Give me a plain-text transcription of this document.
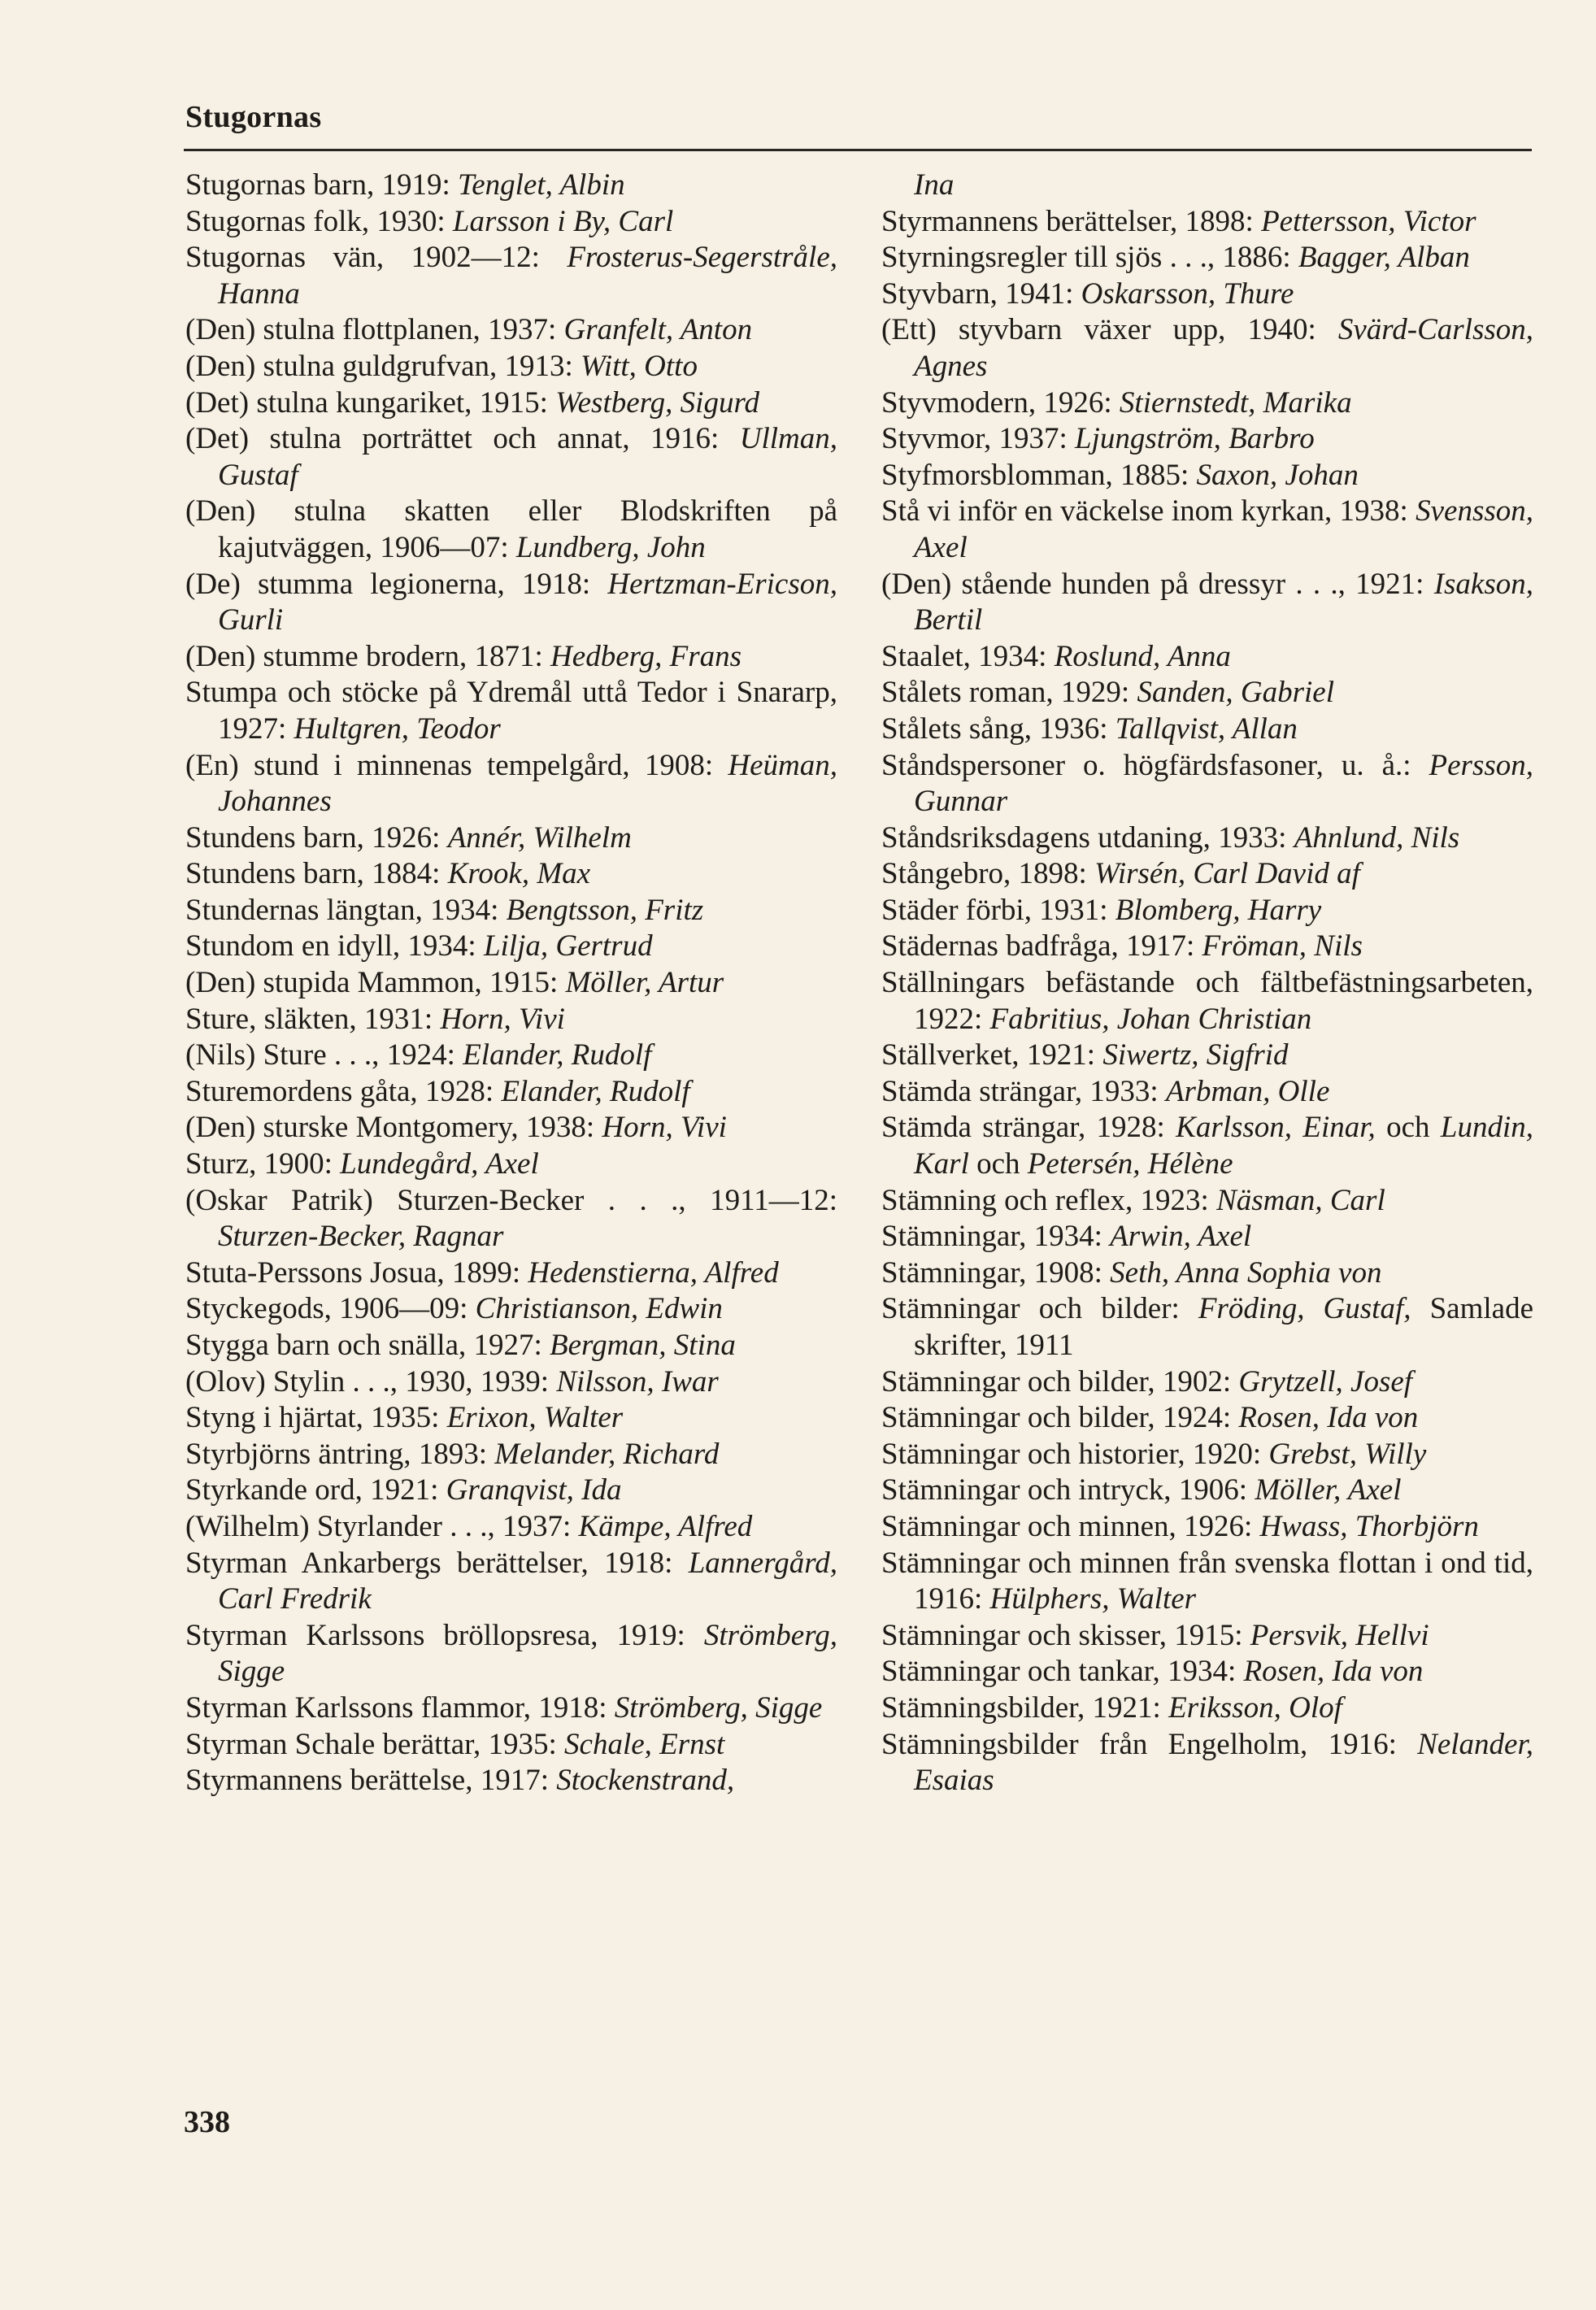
Stugornas

Stugornas barn, 1919: Tenglet, Albin

Stugornas folk, 1930: Larsson i By, Carl

Stugornas vän, 1902—12: Frosterus-Segerstråle, Hanna

(Den) stulna flottplanen, 1937: Granfelt, Anton

(Den) stulna guldgrufvan, 1913: Witt, Otto

(Det) stulna kungariket, 1915: Westberg, Sigurd

(Det) stulna porträttet och annat, 1916: Ullman, Gustaf

(Den) stulna skatten eller Blodskriften på kajutväggen, 1906—07: Lundberg, John

(De) stumma legionerna, 1918: Hertzman-Ericson, Gurli

(Den) stumme brodern, 1871: Hedberg, Frans

Stumpa och stöcke på Ydremål uttå Tedor i Snararp, 1927: Hultgren, Teodor

(En) stund i minnenas tempelgård, 1908: Heüman, Johannes

Stundens barn, 1926: Annér, Wilhelm

Stundens barn, 1884: Krook, Max

Stundernas längtan, 1934: Bengtsson, Fritz

Stundom en idyll, 1934: Lilja, Gertrud

(Den) stupida Mammon, 1915: Möller, Artur

Sture, släkten, 1931: Horn, Vivi

(Nils) Sture . . ., 1924: Elander, Rudolf

Sturemordens gåta, 1928: Elander, Rudolf

(Den) sturske Montgomery, 1938: Horn, Vivi

Sturz, 1900: Lundegård, Axel

(Oskar Patrik) Sturzen-Becker . . ., 1911—12: Sturzen-Becker, Ragnar

Stuta-Perssons Josua, 1899: Hedenstierna, Alfred

Styckegods, 1906—09: Christianson, Edwin

Stygga barn och snälla, 1927: Bergman, Stina

(Olov) Stylin . . ., 1930, 1939: Nilsson, Iwar

Styng i hjärtat, 1935: Erixon, Walter

Styrbjörns äntring, 1893: Melander, Richard

Styrkande ord, 1921: Granqvist, Ida

(Wilhelm) Styrlander . . ., 1937: Kämpe, Alfred

Styrman Ankarbergs berättelser, 1918: Lannergård, Carl Fredrik

Styrman Karlssons bröllopsresa, 1919: Strömberg, Sigge

Styrman Karlssons flammor, 1918: Strömberg, Sigge

Styrman Schale berättar, 1935: Schale, Ernst

Styrmannens berättelse, 1917: Stockenstrand,

Ina

Styrmannens berättelser, 1898: Pettersson, Victor

Styrningsregler till sjös . . ., 1886: Bagger, Alban

Styvbarn, 1941: Oskarsson, Thure

(Ett) styvbarn växer upp, 1940: Svärd-Carlsson, Agnes

Styvmodern, 1926: Stiernstedt, Marika

Styvmor, 1937: Ljungström, Barbro

Styfmorsblomman, 1885: Saxon, Johan

Stå vi inför en väckelse inom kyrkan, 1938: Svensson, Axel

(Den) stående hunden på dressyr . . ., 1921: Isakson, Bertil

Staalet, 1934: Roslund, Anna

Stålets roman, 1929: Sanden, Gabriel

Stålets sång, 1936: Tallqvist, Allan

Ståndspersoner o. högfärdsfasoner, u. å.: Persson, Gunnar

Ståndsriksdagens utdaning, 1933: Ahnlund, Nils

Stångebro, 1898: Wirsén, Carl David af

Städer förbi, 1931: Blomberg, Harry

Städernas badfråga, 1917: Fröman, Nils

Ställningars befästande och fältbefästningsarbeten, 1922: Fabritius, Johan Christian

Ställverket, 1921: Siwertz, Sigfrid

Stämda strängar, 1933: Arbman, Olle

Stämda strängar, 1928: Karlsson, Einar, och Lundin, Karl och Petersén, Hélène

Stämning och reflex, 1923: Näsman, Carl

Stämningar, 1934: Arwin, Axel

Stämningar, 1908: Seth, Anna Sophia von

Stämningar och bilder: Fröding, Gustaf, Samlade skrifter, 1911

Stämningar och bilder, 1902: Grytzell, Josef

Stämningar och bilder, 1924: Rosen, Ida von

Stämningar och historier, 1920: Grebst, Willy

Stämningar och intryck, 1906: Möller, Axel

Stämningar och minnen, 1926: Hwass, Thorbjörn

Stämningar och minnen från svenska flottan i ond tid, 1916: Hülphers, Walter

Stämningar och skisser, 1915: Persvik, Hellvi

Stämningar och tankar, 1934: Rosen, Ida von

Stämningsbilder, 1921: Eriksson, Olof

Stämningsbilder från Engelholm, 1916: Nelander, Esaias

338
